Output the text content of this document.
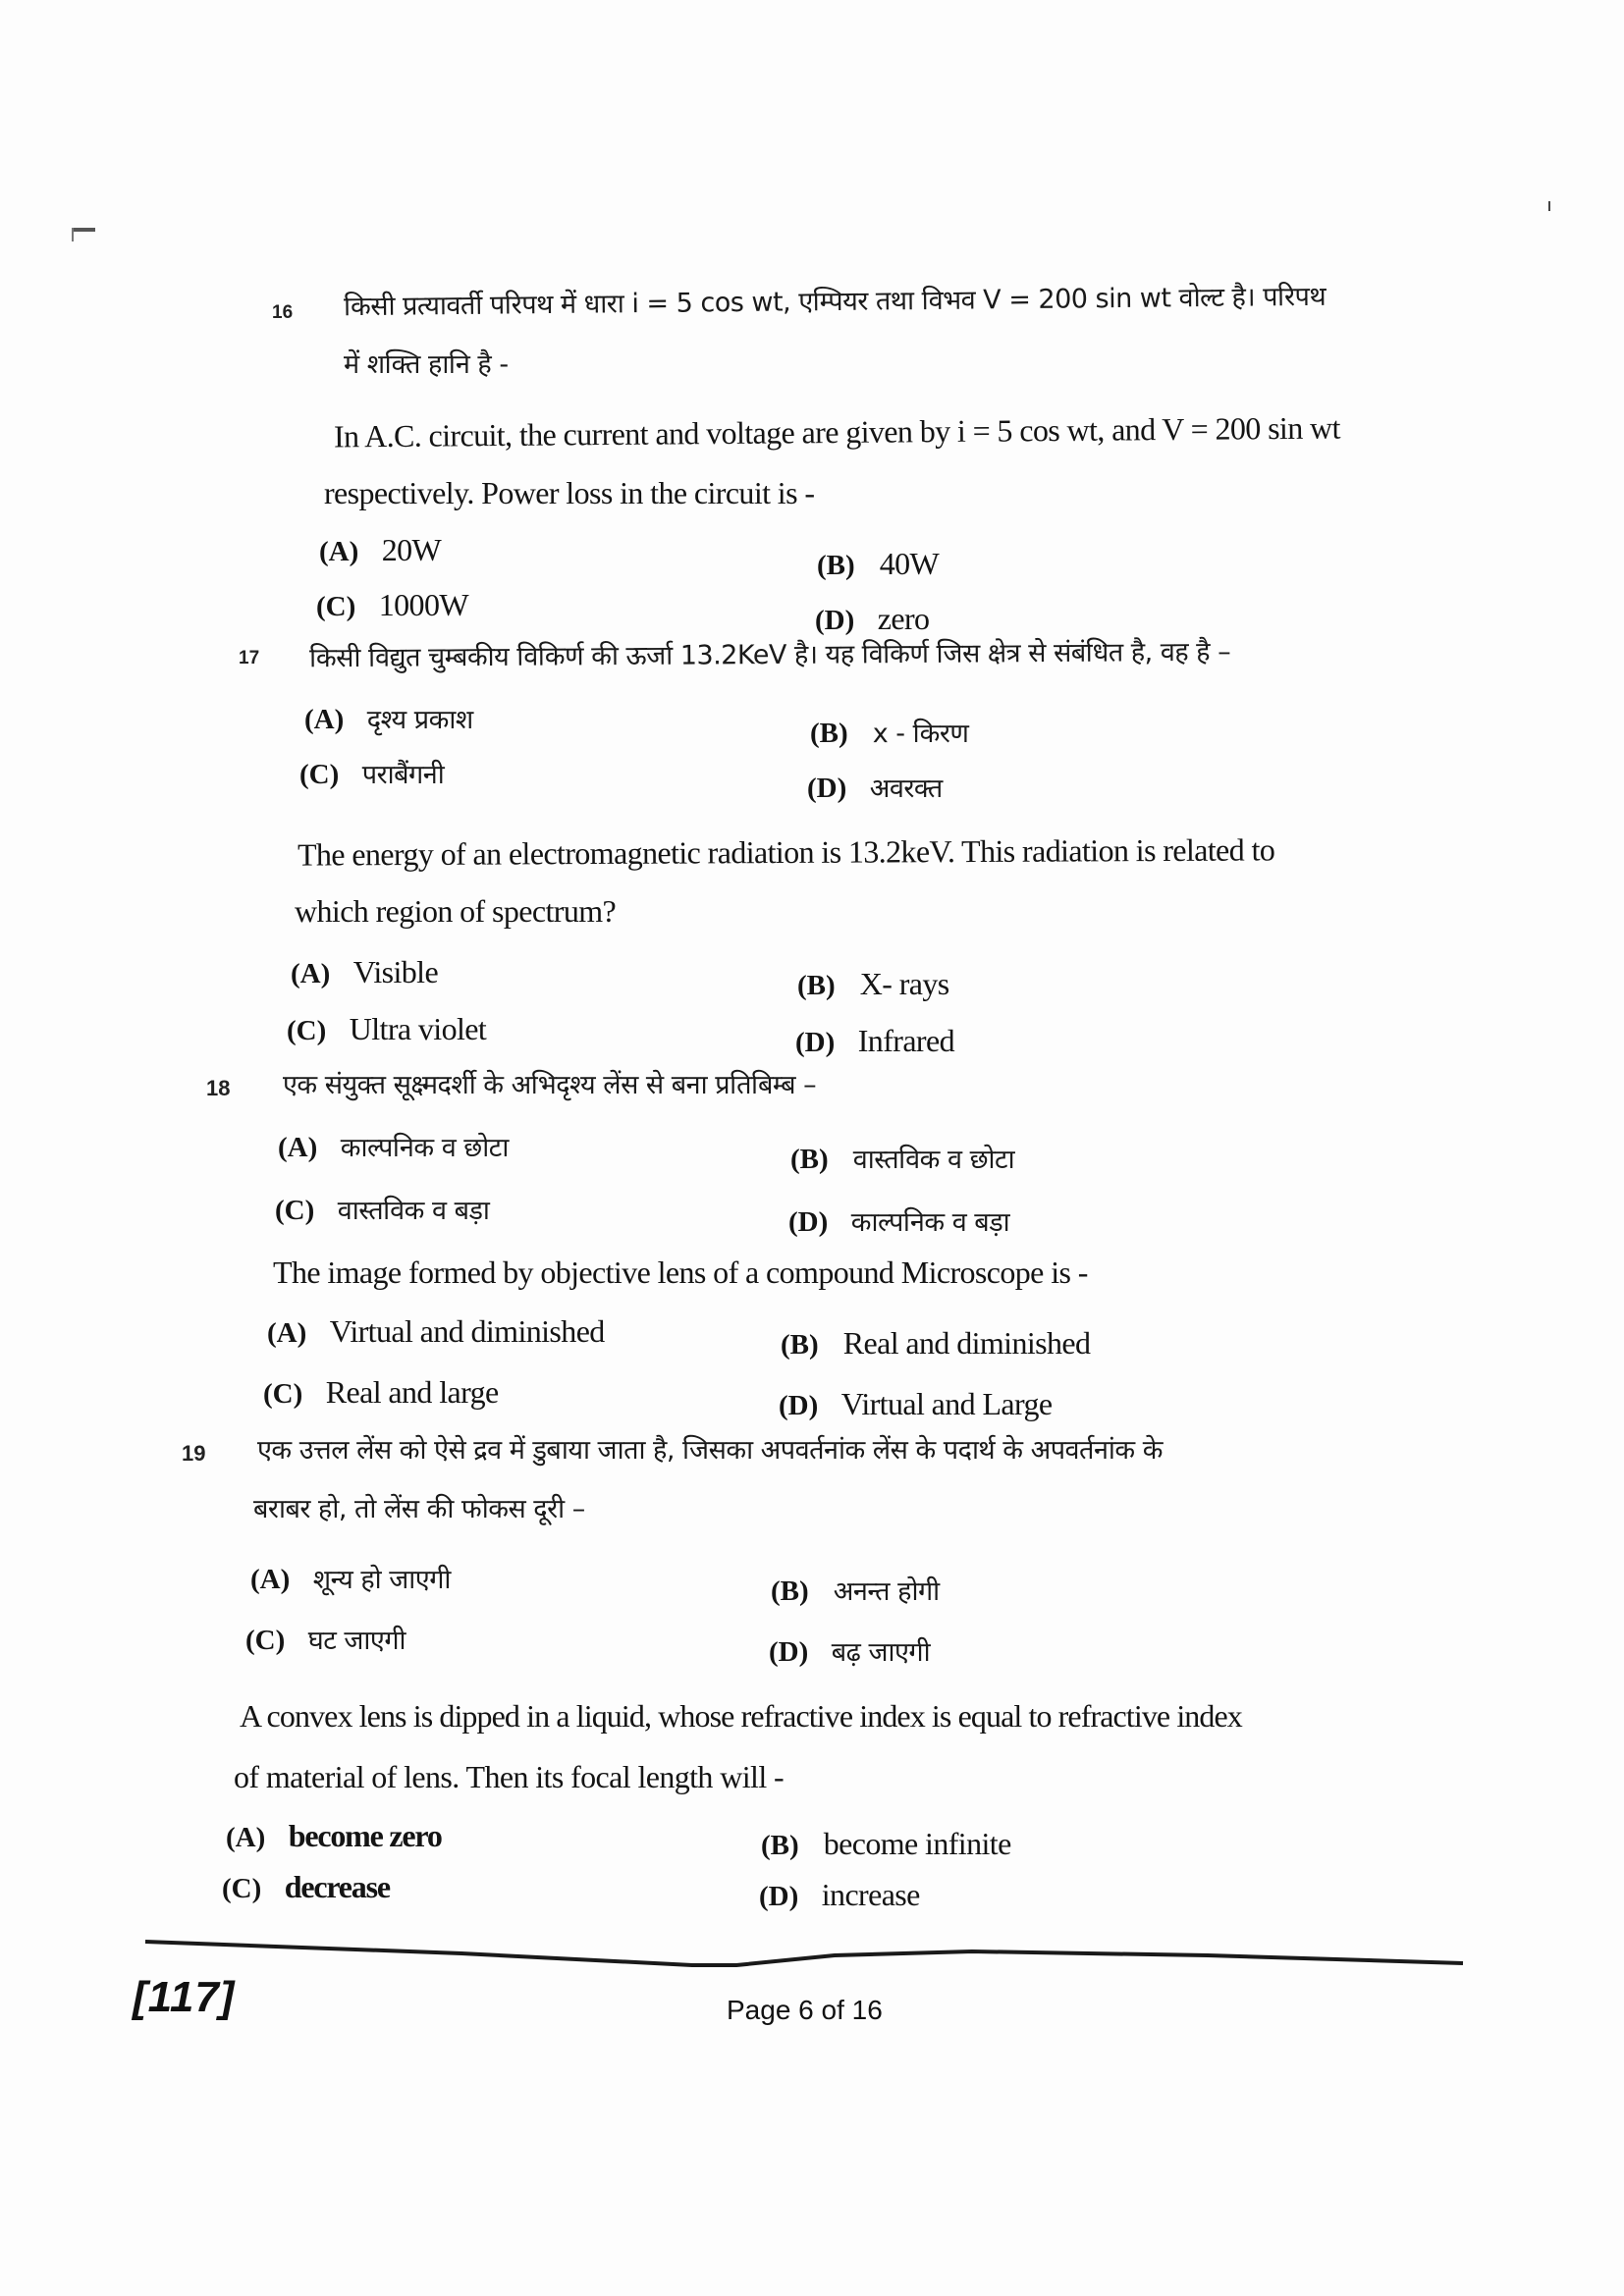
16 किसी प्रत्यावर्ती परिपथ में धारा i = 5 cos wt, एम्पियर तथा विभव V = 200 sin wt वोल्ट है। परिपथ
में शक्ति हानि है -
In A.C. circuit, the current and voltage are given by i = 5 cos wt, and V = 200 sin wt
respectively. Power loss in the circuit is -
(A) 20W	(B) 40W
(C) 1000W	(D) zero
17 किसी विद्युत चुम्बकीय विकिर्ण की ऊर्जा 13.2KeV है। यह विकिर्ण जिस क्षेत्र से संबंधित है, वह है –
(A) दृश्य प्रकाश	(B) x - किरण
(C) पराबैंगनी	(D) अवरक्त
The energy of an electromagnetic radiation is 13.2keV. This radiation is related to
which region of spectrum?
(A) Visible	(B) X- rays
(C) Ultra violet	(D) Infrared
18 एक संयुक्त सूक्ष्मदर्शी के अभिदृश्य लेंस से बना प्रतिबिम्ब –
(A) काल्पनिक व छोटा	(B) वास्तविक व छोटा
(C) वास्तविक व बड़ा	(D) काल्पनिक व बड़ा
The image formed by objective lens of a compound Microscope is -
(A) Virtual and diminished	(B) Real and diminished
(C) Real and large	(D) Virtual and Large
19 एक उत्तल लेंस को ऐसे द्रव में डुबाया जाता है, जिसका अपवर्तनांक लेंस के पदार्थ के अपवर्तनांक के
बराबर हो, तो लेंस की फोकस दूरी –
(A) शून्य हो जाएगी	(B) अनन्त होगी
(C) घट जाएगी	(D) बढ़ जाएगी
A convex lens is dipped in a liquid, whose refractive index is equal to refractive index
of material of lens. Then its focal length will -
(A) become zero	(B) become infinite
(C) decrease	(D) increase
[117]	Page 6 of 16
